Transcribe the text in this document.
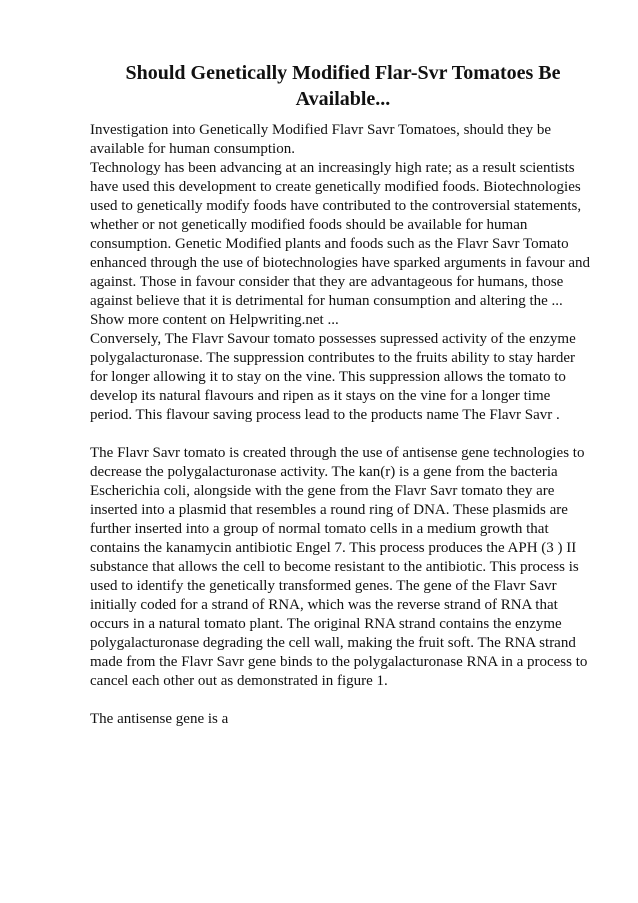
Should Genetically Modified Flar-Svr Tomatoes Be Available...

Investigation into Genetically Modified Flavr Savr Tomatoes, should they be available for human consumption.

Technology has been advancing at an increasingly high rate; as a result scientists have used this development to create genetically modified foods. Biotechnologies used to genetically modify foods have contributed to the controversial statements, whether or not genetically modified foods should be available for human consumption. Genetic Modified plants and foods such as the Flavr Savr Tomato enhanced through the use of biotechnologies have sparked arguments in favour and against. Those in favour consider that they are advantageous for humans, those against believe that it is detrimental for human consumption and altering the ... Show more content on Helpwriting.net ...

Conversely, The Flavr Savour tomato possesses supressed activity of the enzyme polygalacturonase. The suppression contributes to the fruits ability to stay harder for longer allowing it to stay on the vine. This suppression allows the tomato to develop its natural flavours and ripen as it stays on the vine for a longer time period. This flavour saving process lead to the products name The Flavr Savr .

The Flavr Savr tomato is created through the use of antisense gene technologies to decrease the polygalacturonase activity. The kan(r) is a gene from the bacteria Escherichia coli, alongside with the gene from the Flavr Savr tomato they are inserted into a plasmid that resembles a round ring of DNA. These plasmids are further inserted into a group of normal tomato cells in a medium growth that contains the kanamycin antibiotic Engel 7. This process produces the APH (3 ) II substance that allows the cell to become resistant to the antibiotic. This process is used to identify the genetically transformed genes. The gene of the Flavr Savr initially coded for a strand of RNA, which was the reverse strand of RNA that occurs in a natural tomato plant. The original RNA strand contains the enzyme polygalacturonase degrading the cell wall, making the fruit soft. The RNA strand made from the Flavr Savr gene binds to the polygalacturonase RNA in a process to cancel each other out as demonstrated in figure 1.

The antisense gene is a
